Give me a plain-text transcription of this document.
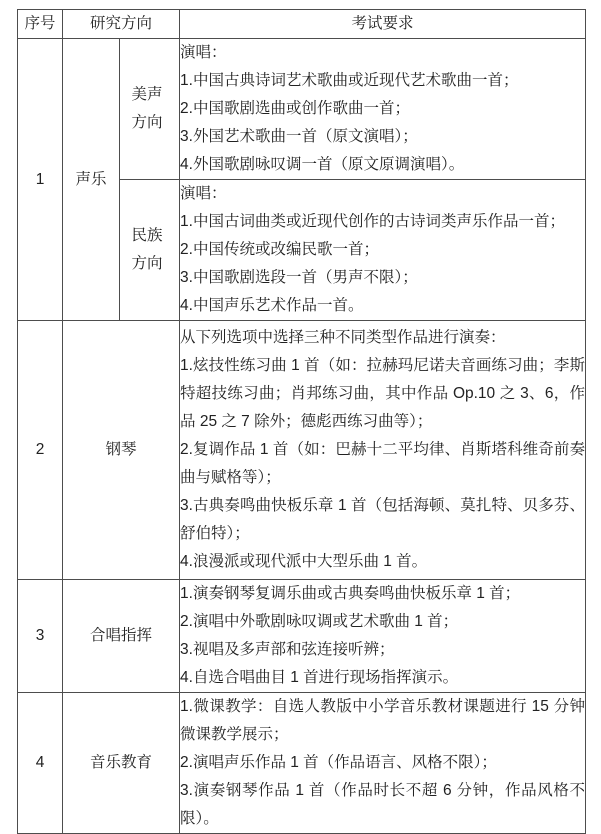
序号	研究方向		考试要求
1	声乐	美声方向	演唱：
1.中国古典诗词艺术歌曲或近现代艺术歌曲一首；
2.中国歌剧选曲或创作歌曲一首；
3.外国艺术歌曲一首（原文演唱）；
4.外国歌剧咏叹调一首（原文原调演唱）。

		民族方向	演唱：
1.中国古词曲类或近现代创作的古诗词类声乐作品一首；
2.中国传统或改编民歌一首；
3.中国歌剧选段一首（男声不限）；
4.中国声乐艺术作品一首。

2	钢琴		从下列选项中选择三种不同类型作品进行演奏：
1.炫技性练习曲 1 首（如：拉赫玛尼诺夫音画练习曲；李斯特超技练习曲；肖邦练习曲，其中作品 Op.10 之 3、6，作品 25 之 7 除外；德彪西练习曲等）；
2.复调作品 1 首（如：巴赫十二平均律、肖斯塔科维奇前奏曲与赋格等）；
3.古典奏鸣曲快板乐章 1 首（包括海顿、莫扎特、贝多芬、舒伯特）；
4.浪漫派或现代派中大型乐曲 1 首。

3	合唱指挥		1.演奏钢琴复调乐曲或古典奏鸣曲快板乐章 1 首；
2.演唱中外歌剧咏叹调或艺术歌曲 1 首；
3.视唱及多声部和弦连接听辨；
4.自选合唱曲目 1 首进行现场指挥演示。

4	音乐教育		1.微课教学：自选人教版中小学音乐教材课题进行 15 分钟微课教学展示；
2.演唱声乐作品 1 首（作品语言、风格不限）；
3.演奏钢琴作品 1 首（作品时长不超 6 分钟，作品风格不限）。
